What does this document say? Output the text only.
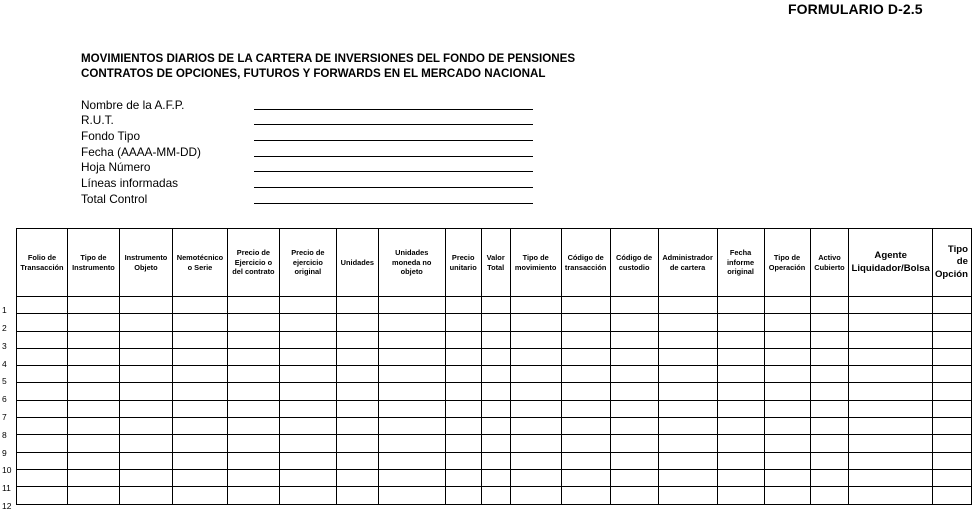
FORMULARIO D-2.5
MOVIMIENTOS DIARIOS DE LA CARTERA DE INVERSIONES DEL FONDO DE PENSIONES
CONTRATOS DE OPCIONES, FUTUROS Y FORWARDS EN EL MERCADO NACIONAL
Nombre de la A.F.P.
R.U.T.
Fondo Tipo
Fecha (AAAA-MM-DD)
Hoja Número
Líneas informadas
Total Control
1
2
3
4
5
6
7
8
9
10
11
12
Folio de Transacción	Tipo de Instrumento	Instrumento Objeto	Nemotécnico o Serie	Precio de Ejercicio o del contrato	Precio de ejercicio original	Unidades	Unidades moneda no objeto	Precio unitario	Valor Total	Tipo de movimiento	Código de transacción	Código de custodio	Administrador de cartera	Fecha informe original	Tipo de Operación	Activo Cubierto	Agente Liquidador/Bolsa	Tipo de Opción
